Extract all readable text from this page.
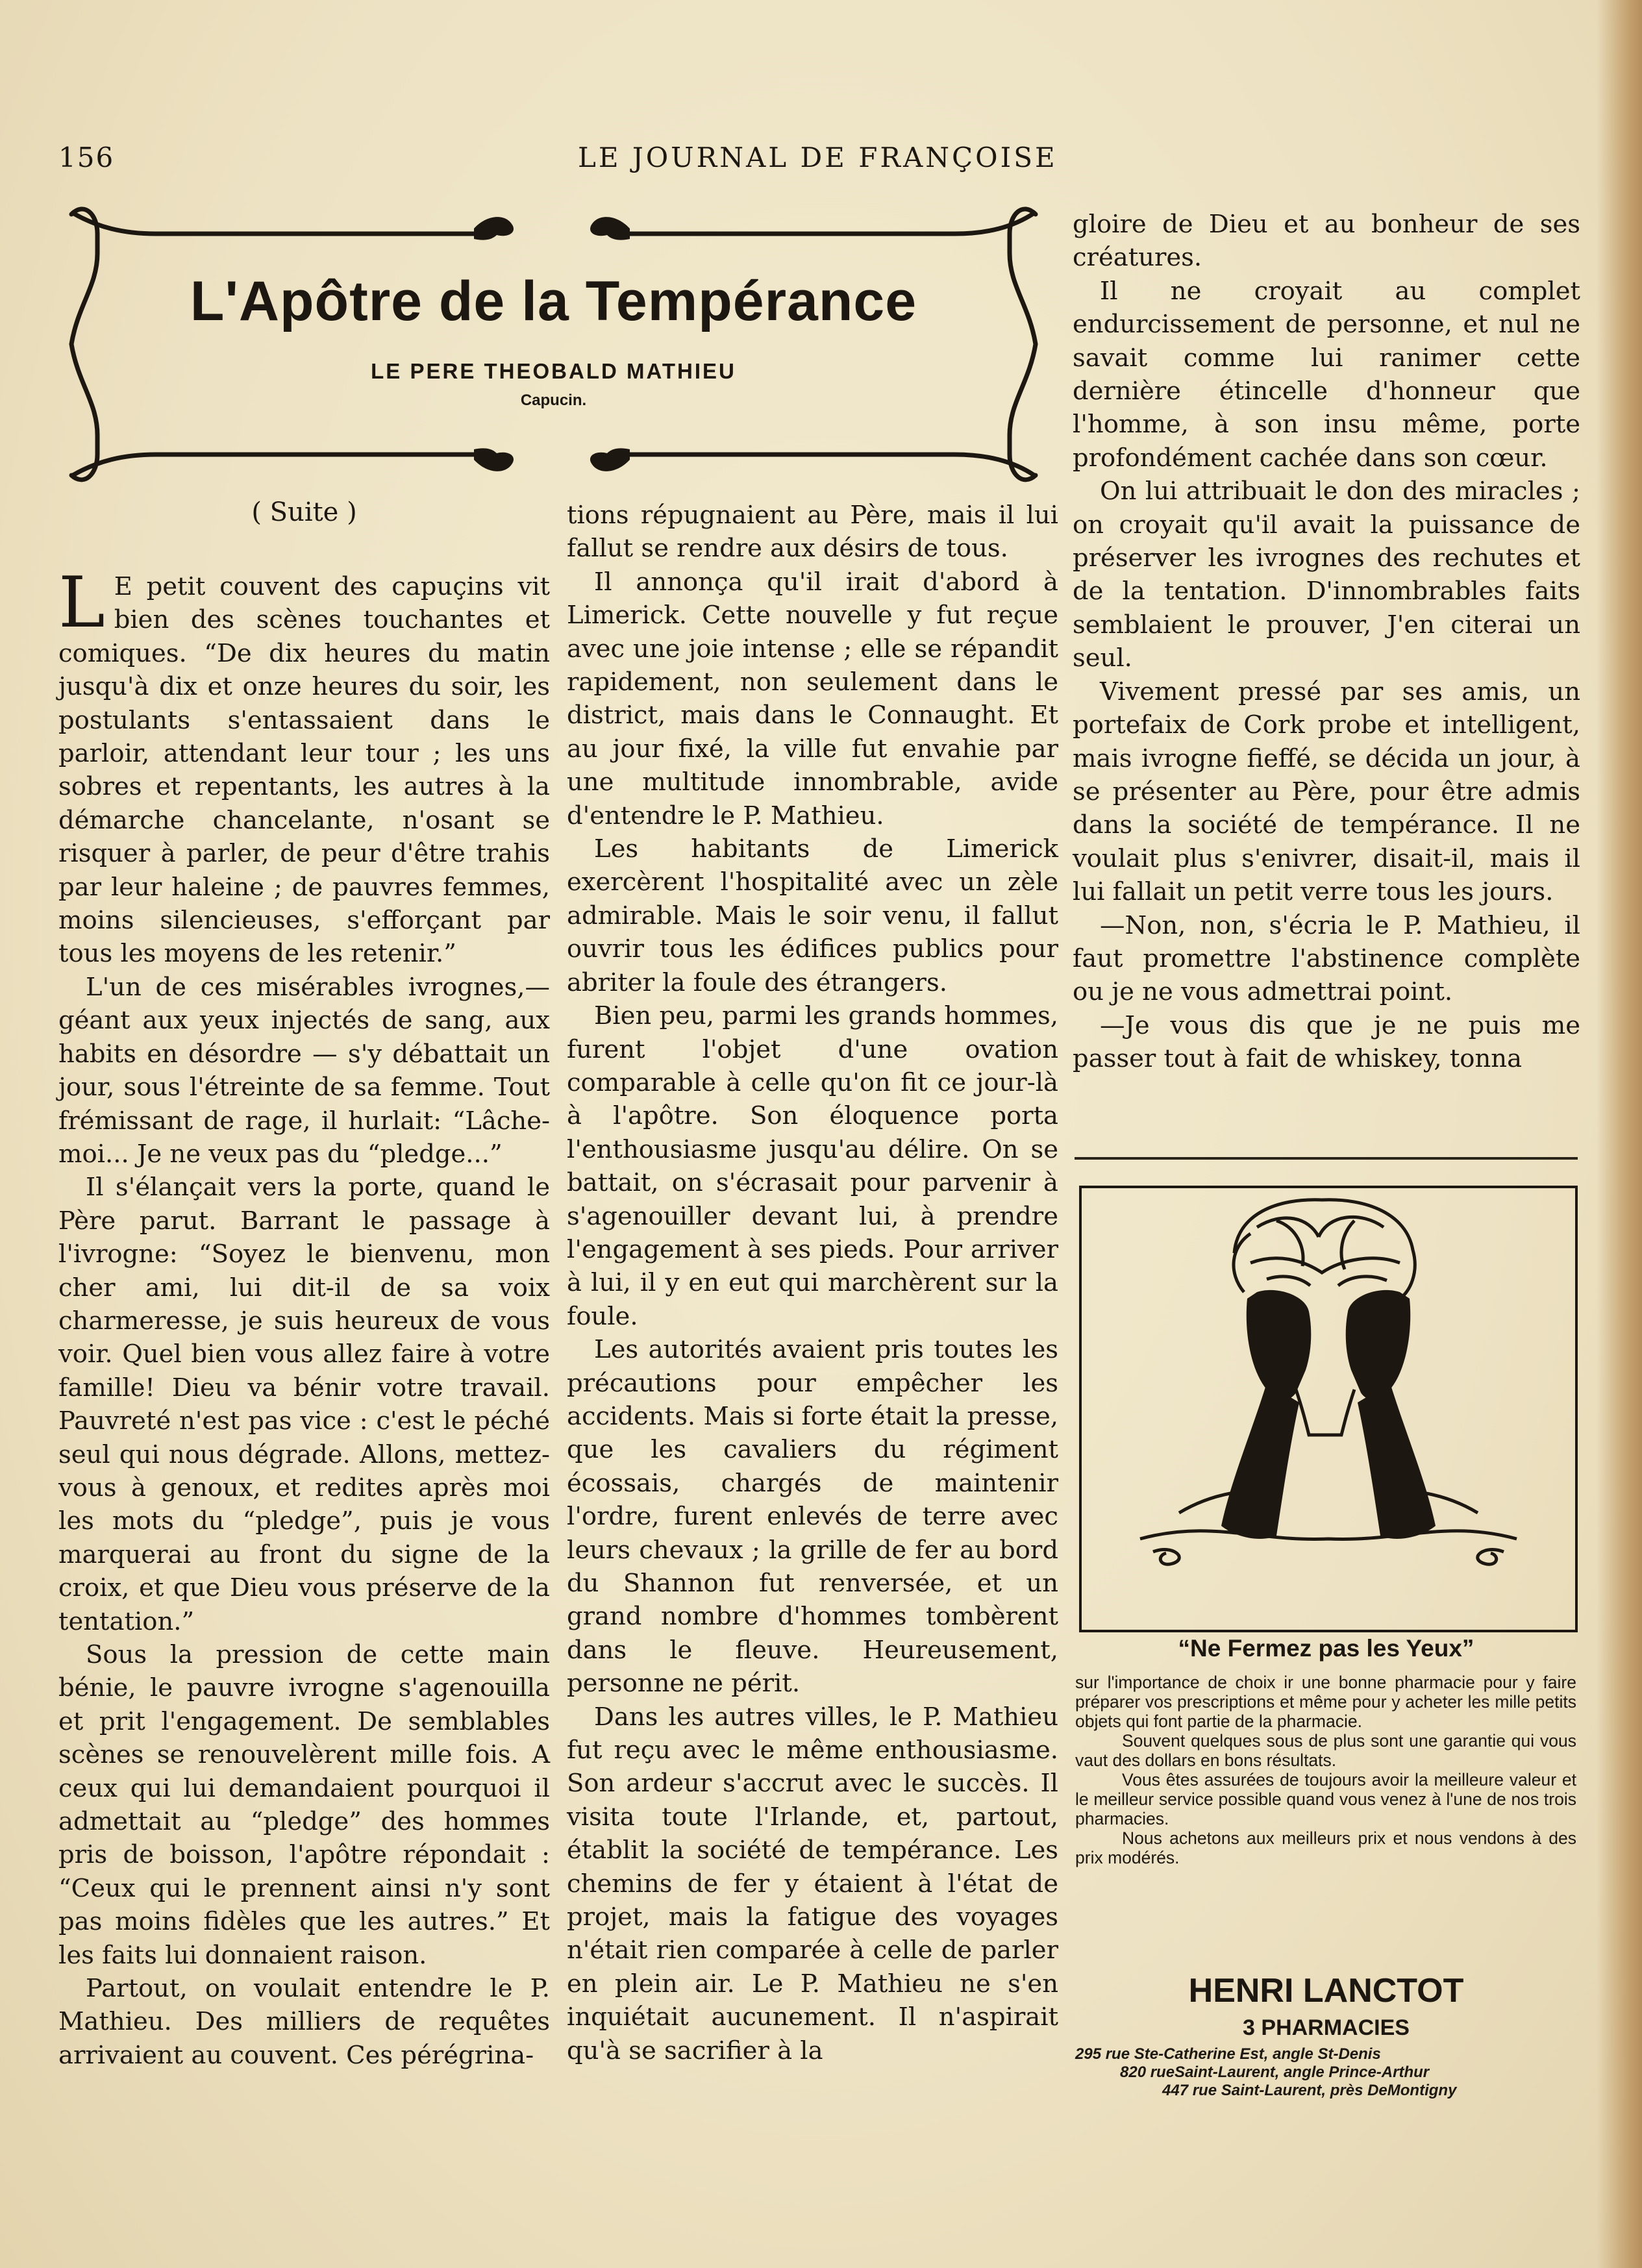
156	LE JOURNAL DE FRANÇOISE
L'Apôtre de la Tempérance
LE PERE THEOBALD MATHIEU
Capucin.
( Suite )

L E petit couvent des capuçins vit bien des scènes touchantes et comiques. “De dix heures du matin jusqu'à dix et onze heures du soir, les postulants s'entassaient dans le parloir, attendant leur tour ; les uns sobres et repentants, les autres à la démarche chancelante, n'osant se risquer à parler, de peur d'être trahis par leur haleine ; de pauvres femmes, moins silencieuses, s'efforçant par tous les moyens de les retenir.”

L'un de ces misérables ivrognes,— géant aux yeux injectés de sang, aux habits en désordre — s'y débattait un jour, sous l'étreinte de sa femme. Tout frémissant de rage, il hurlait: “Lâche-moi... Je ne veux pas du “pledge...”

Il s'élançait vers la porte, quand le Père parut. Barrant le passage à l'ivrogne: “Soyez le bienvenu, mon cher ami, lui dit-il de sa voix charmeresse, je suis heureux de vous voir. Quel bien vous allez faire à votre famille! Dieu va bénir votre travail. Pauvreté n'est pas vice : c'est le péché seul qui nous dégrade. Allons, mettez-vous à genoux, et redites après moi les mots du “pledge”, puis je vous marquerai au front du signe de la croix, et que Dieu vous préserve de la tentation.”

Sous la pression de cette main bénie, le pauvre ivrogne s'agenouilla et prit l'engagement. De semblables scènes se renouvelèrent mille fois. A ceux qui lui demandaient pourquoi il admettait au “pledge” des hommes pris de boisson, l'apôtre répondait : “Ceux qui le prennent ainsi n'y sont pas moins fidèles que les autres.” Et les faits lui donnaient raison.

Partout, on voulait entendre le P. Mathieu. Des milliers de requêtes arrivaient au couvent. Ces pérégrina-

tions répugnaient au Père, mais il lui fallut se rendre aux désirs de tous.

Il annonça qu'il irait d'abord à Limerick. Cette nouvelle y fut reçue avec une joie intense ; elle se répandit rapidement, non seulement dans le district, mais dans le Connaught. Et au jour fixé, la ville fut envahie par une multitude innombrable, avide d'entendre le P. Mathieu.

Les habitants de Limerick exercèrent l'hospitalité avec un zèle admirable. Mais le soir venu, il fallut ouvrir tous les édifices publics pour abriter la foule des étrangers.

Bien peu, parmi les grands hommes, furent l'objet d'une ovation comparable à celle qu'on fit ce jour-là à l'apôtre. Son éloquence porta l'enthousiasme jusqu'au délire. On se battait, on s'écrasait pour parvenir à s'agenouiller devant lui, à prendre l'engagement à ses pieds. Pour arriver à lui, il y en eut qui marchèrent sur la foule.

Les autorités avaient pris toutes les précautions pour empêcher les accidents. Mais si forte était la presse, que les cavaliers du régiment écossais, chargés de maintenir l'ordre, furent enlevés de terre avec leurs chevaux ; la grille de fer au bord du Shannon fut renversée, et un grand nombre d'hommes tombèrent dans le fleuve. Heureusement, personne ne périt.

Dans les autres villes, le P. Mathieu fut reçu avec le même enthousiasme. Son ardeur s'accrut avec le succès. Il visita toute l'Irlande, et, partout, établit la société de tempérance. Les chemins de fer y étaient à l'état de projet, mais la fatigue des voyages n'était rien comparée à celle de parler en plein air. Le P. Mathieu ne s'en inquiétait aucunement. Il n'aspirait qu'à se sacrifier à la

gloire de Dieu et au bonheur de ses créatures.

Il ne croyait au complet endurcissement de personne, et nul ne savait comme lui ranimer cette dernière étincelle d'honneur que l'homme, à son insu même, porte profondément cachée dans son cœur.

On lui attribuait le don des miracles ; on croyait qu'il avait la puissance de préserver les ivrognes des rechutes et de la tentation. D'innombrables faits semblaient le prouver, J'en citerai un seul.

Vivement pressé par ses amis, un portefaix de Cork probe et intelligent, mais ivrogne fieffé, se décida un jour, à se présenter au Père, pour être admis dans la société de tempérance. Il ne voulait plus s'enivrer, disait-il, mais il lui fallait un petit verre tous les jours.

—Non, non, s'écria le P. Mathieu, il faut promettre l'abstinence complète ou je ne vous admettrai point.

—Je vous dis que je ne puis me passer tout à fait de whiskey, tonna

“Ne Fermez pas les Yeux”

sur l'importance de choix ir une bonne pharmacie pour y faire préparer vos prescriptions et même pour y acheter les mille petits objets qui font partie de la pharmacie.

Souvent quelques sous de plus sont une garantie qui vous vaut des dollars en bons résultats.

Vous êtes assurées de toujours avoir la meilleure valeur et le meilleur service possible quand vous venez à l'une de nos trois pharmacies.

Nous achetons aux meilleurs prix et nous vendons à des prix modérés.

HENRI LANCTOT
3 PHARMACIES
295 rue Ste-Catherine Est, angle St-Denis
820 rueSaint-Laurent, angle Prince-Arthur
447 rue Saint-Laurent, près DeMontigny
